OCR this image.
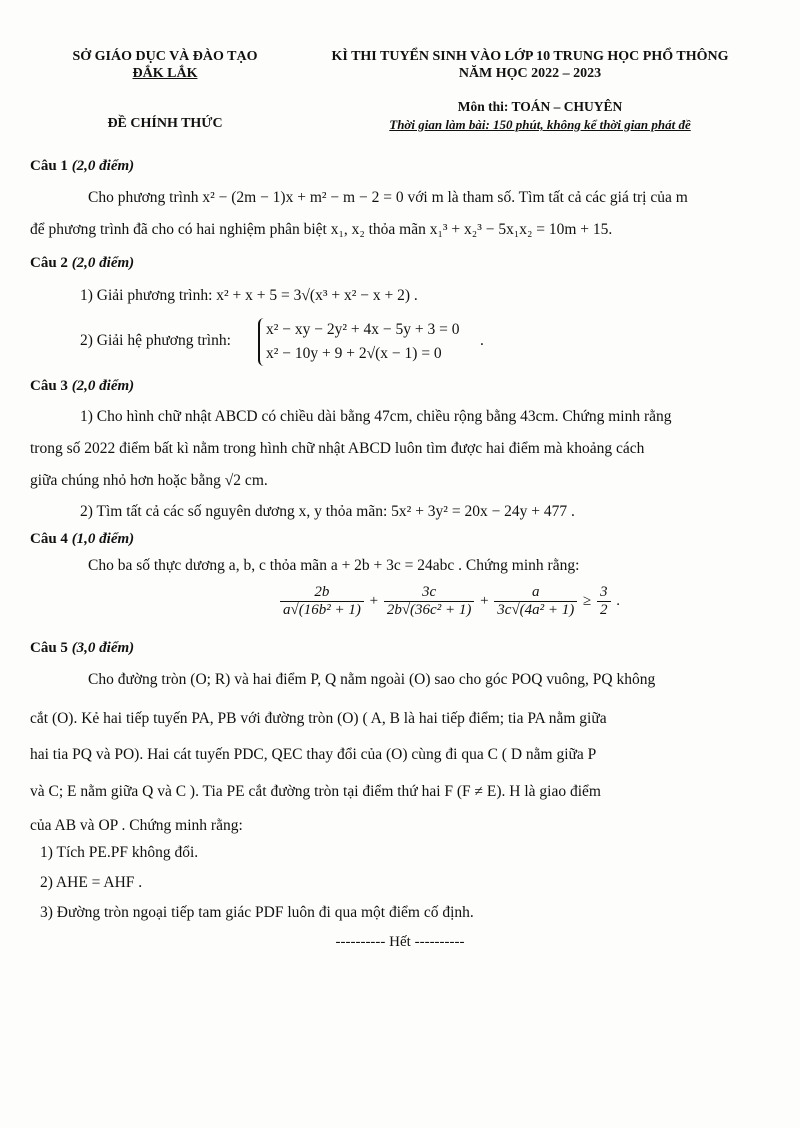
SỞ GIÁO DỤC VÀ ĐÀO TẠO
ĐẮK LẮK
KÌ THI TUYỂN SINH VÀO LỚP 10 TRUNG HỌC PHỔ THÔNG
NĂM HỌC 2022 – 2023
ĐỀ CHÍNH THỨC
Môn thi: TOÁN – CHUYÊN
Thời gian làm bài: 150 phút, không kể thời gian phát đề
Câu 1 (2,0 điểm)
Cho phương trình x² − (2m − 1)x + m² − m − 2 = 0 với m là tham số. Tìm tất cả các giá trị của m
để phương trình đã cho có hai nghiệm phân biệt x₁, x₂ thỏa mãn x₁³ + x₂³ − 5x₁x₂ = 10m + 15.
Câu 2 (2,0 điểm)
1) Giải phương trình: x² + x + 5 = 3√(x³ + x² − x + 2) .
2) Giải hệ phương trình:
x² − xy − 2y² + 4x − 5y + 3 = 0
x² − 10y + 9 + 2√(x − 1) = 0
.
Câu 3 (2,0 điểm)
1) Cho hình chữ nhật ABCD có chiều dài bằng 47cm, chiều rộng bằng 43cm. Chứng minh rằng
trong số 2022 điểm bất kì nằm trong hình chữ nhật ABCD luôn tìm được hai điểm mà khoảng cách
giữa chúng nhỏ hơn hoặc bằng √2 cm.
2) Tìm tất cả các số nguyên dương x, y thỏa mãn: 5x² + 3y² = 20x − 24y + 477 .
Câu 4 (1,0 điểm)
Cho ba số thực dương a, b, c thỏa mãn a + 2b + 3c = 24abc . Chứng minh rằng:
$\frac{2b}{\text{a√(16b² + 1)}} + \frac{3c}{\text{2b√(36c² + 1)}} + \frac{a}{\text{3c√(4a² + 1)}} \ge \frac{3}{2}$ .
Câu 5 (3,0 điểm)
Cho đường tròn (O; R) và hai điểm P, Q nằm ngoài (O) sao cho góc POQ vuông, PQ không
cắt (O). Kẻ hai tiếp tuyến PA, PB với đường tròn (O) ( A, B là hai tiếp điểm; tia PA nằm giữa
hai tia PQ và PO). Hai cát tuyến PDC, QEC thay đổi của (O) cùng đi qua C ( D nằm giữa P
và C; E nằm giữa Q và C ). Tia PE cắt đường tròn tại điểm thứ hai F (F ≠ E). H là giao điểm
của AB và OP . Chứng minh rằng:
1) Tích PE.PF không đổi.
2) AHE = AHF .
3) Đường tròn ngoại tiếp tam giác PDF luôn đi qua một điểm cố định.
---------- Hết ----------
